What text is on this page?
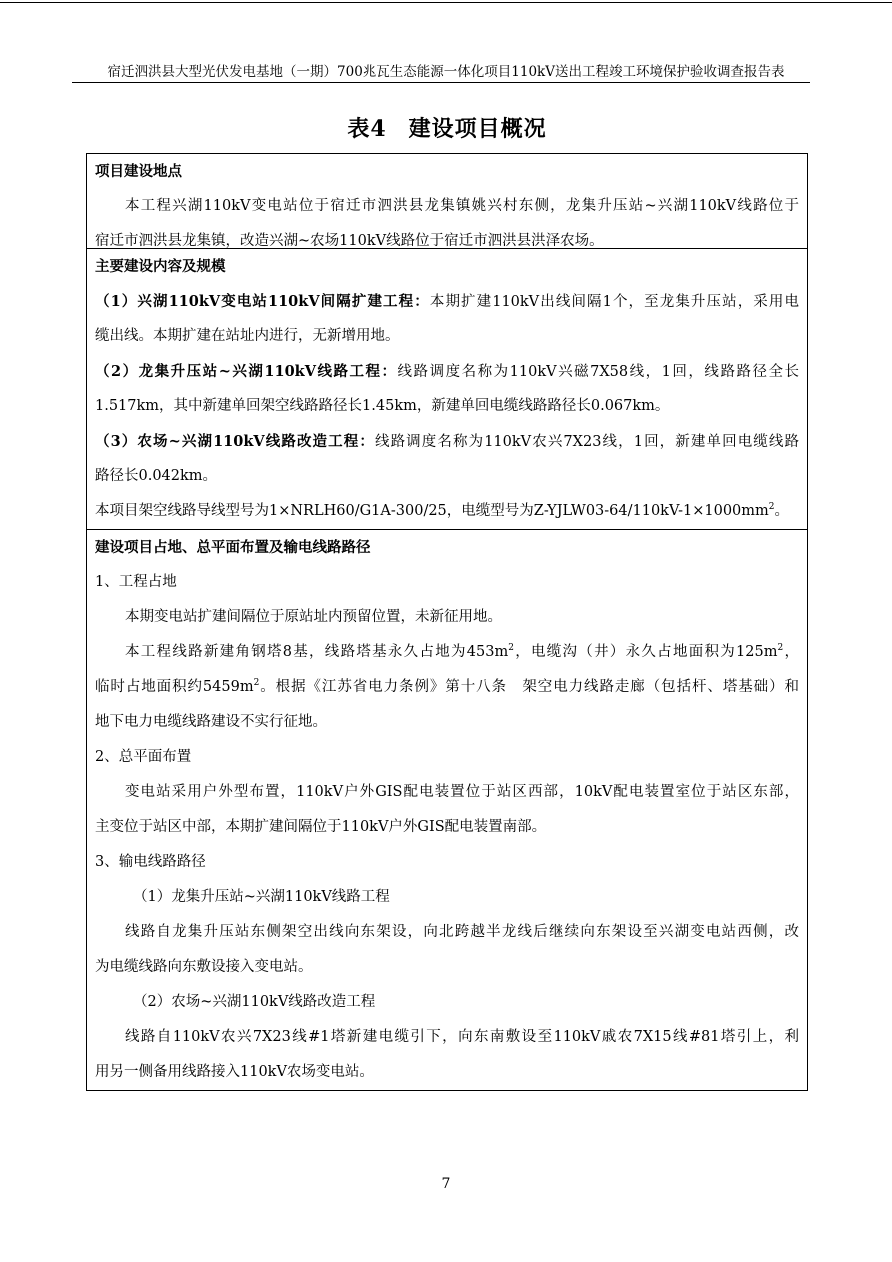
宿迁泗洪县大型光伏发电基地（一期）700兆瓦生态能源一体化项目110kV送出工程竣工环境保护验收调查报告表
表4 建设项目概况
项目建设地点
本工程兴湖110kV变电站位于宿迁市泗洪县龙集镇姚兴村东侧，龙集升压站~兴湖110kV线路位于
宿迁市泗洪县龙集镇，改造兴湖~农场110kV线路位于宿迁市泗洪县洪泽农场。
主要建设内容及规模
（1）兴湖110kV变电站110kV间隔扩建工程：本期扩建110kV出线间隔1个，至龙集升压站，采用电
缆出线。本期扩建在站址内进行，无新增用地。
（2）龙集升压站~兴湖110kV线路工程：线路调度名称为110kV兴磁7X58线，1回，线路路径全长
1.517km，其中新建单回架空线路路径长1.45km，新建单回电缆线路路径长0.067km。
（3）农场~兴湖110kV线路改造工程：线路调度名称为110kV农兴7X23线，1回，新建单回电缆线路
路径长0.042km。
本项目架空线路导线型号为1×NRLH60/G1A-300/25，电缆型号为$Z-YJLW03-64/110kV-1\times 1000mm^2$。
建设项目占地、总平面布置及输电线路路径
1、工程占地
本期变电站扩建间隔位于原站址内预留位置，未新征用地。
本工程线路新建角钢塔8基，线路塔基永久占地为$453m^2$，电缆沟（井）永久占地面积为$125m^2$，
临时占地面积约$5459m^2$。根据《江苏省电力条例》第十八条　架空电力线路走廊（包括杆、塔基础）和
地下电力电缆线路建设不实行征地。
2、总平面布置
变电站采用户外型布置，110kV户外GIS配电装置位于站区西部，10kV配电装置室位于站区东部，
主变位于站区中部，本期扩建间隔位于110kV户外GIS配电装置南部。
3、输电线路路径
（1）龙集升压站~兴湖110kV线路工程
线路自龙集升压站东侧架空出线向东架设，向北跨越半龙线后继续向东架设至兴湖变电站西侧，改
为电缆线路向东敷设接入变电站。
（2）农场~兴湖110kV线路改造工程
线路自110kV农兴7X23线#1塔新建电缆引下，向东南敷设至110kV戚农7X15线#81塔引上，利
用另一侧备用线路接入110kV农场变电站。
7
